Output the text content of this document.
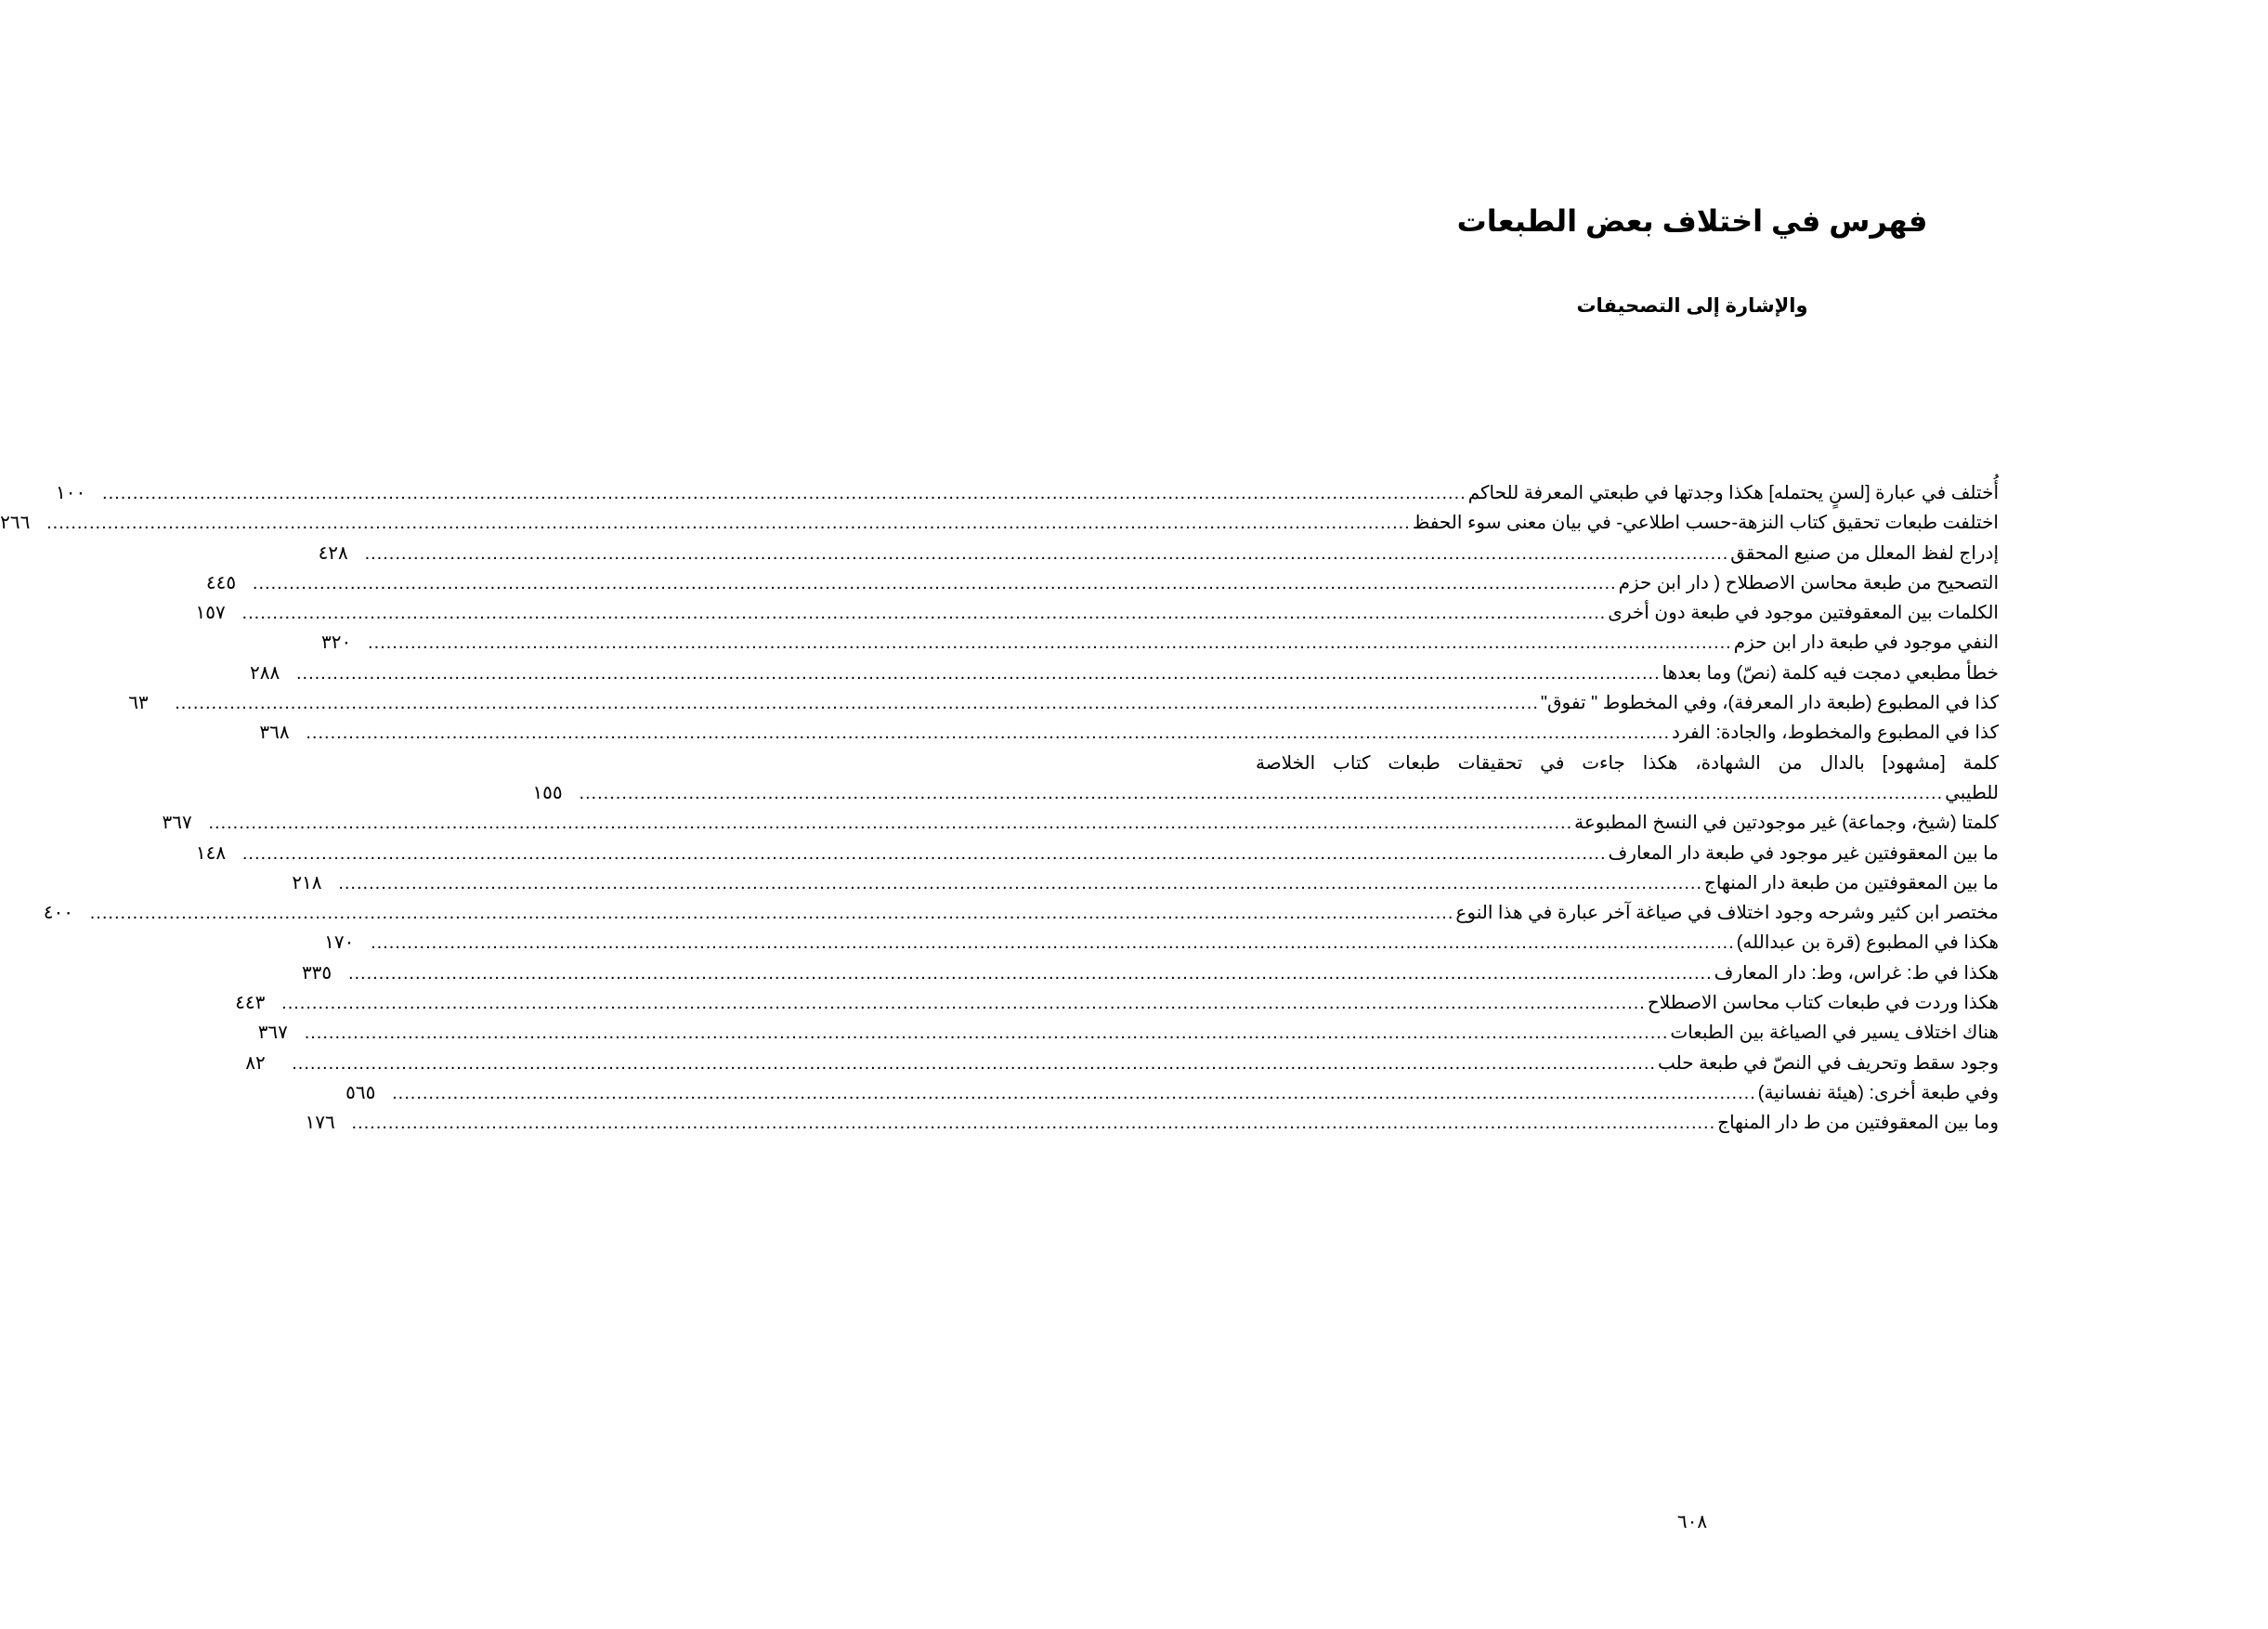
فهرس في اختلاف بعض الطبعات
والإشارة إلى التصحيفات
أُختلف في عبارة [لسنٍ يحتمله] هكذا وجدتها في طبعتي المعرفة للحاكم
.....
١٠٠
اختلفت طبعات تحقيق كتاب النزهة-حسب اطلاعي- في بيان معنى سوء الحفظ
.....
٢٦٦
إدراج لفظ المعلل من صنيع المحقق
.....
٤٢٨
التصحيح من طبعة محاسن الاصطلاح ( دار ابن حزم
.....
٤٤٥
الكلمات بين المعقوفتين موجود في طبعة دون أخرى
.....
١٥٧
النفي موجود في طبعة دار ابن حزم
.....
٣٢٠
خطأ مطبعي دمجت فيه كلمة (نصّ) وما بعدها
.....
٢٨٨
كذا في المطبوع (طبعة دار المعرفة)، وفي المخطوط " تفوق"
.....
٦٣
كذا في المطبوع والمخطوط، والجادة: الفرد
.....
٣٦٨
كلمة [مشهود] بالدال من الشهادة، هكذا جاءت في تحقيقات طبعات كتاب الخلاصة
للطيبي
.....
١٥٥
كلمتا (شيخ، وجماعة) غير موجودتين في النسخ المطبوعة
.....
٣٦٧
ما بين المعقوفتين غير موجود في طبعة دار المعارف
.....
١٤٨
ما بين المعقوفتين من طبعة دار المنهاج
.....
٢١٨
مختصر ابن كثير وشرحه وجود اختلاف في صياغة آخر عبارة في هذا النوع
.....
٤٠٠
هكذا في المطبوع (قرة بن عبدالله)
.....
١٧٠
هكذا في ط: غراس، وط: دار المعارف
.....
٣٣٥
هكذا وردت في طبعات كتاب محاسن الاصطلاح
.....
٤٤٣
هناك اختلاف يسير في الصياغة بين الطبعات
.....
٣٦٧
وجود سقط وتحريف في النصّ في طبعة حلب
.....
٨٢
وفي طبعة أخرى: (هيئة نفسانية)
.....
٥٦٥
وما بين المعقوفتين من ط دار المنهاج
.....
١٧٦

٦٠٨
